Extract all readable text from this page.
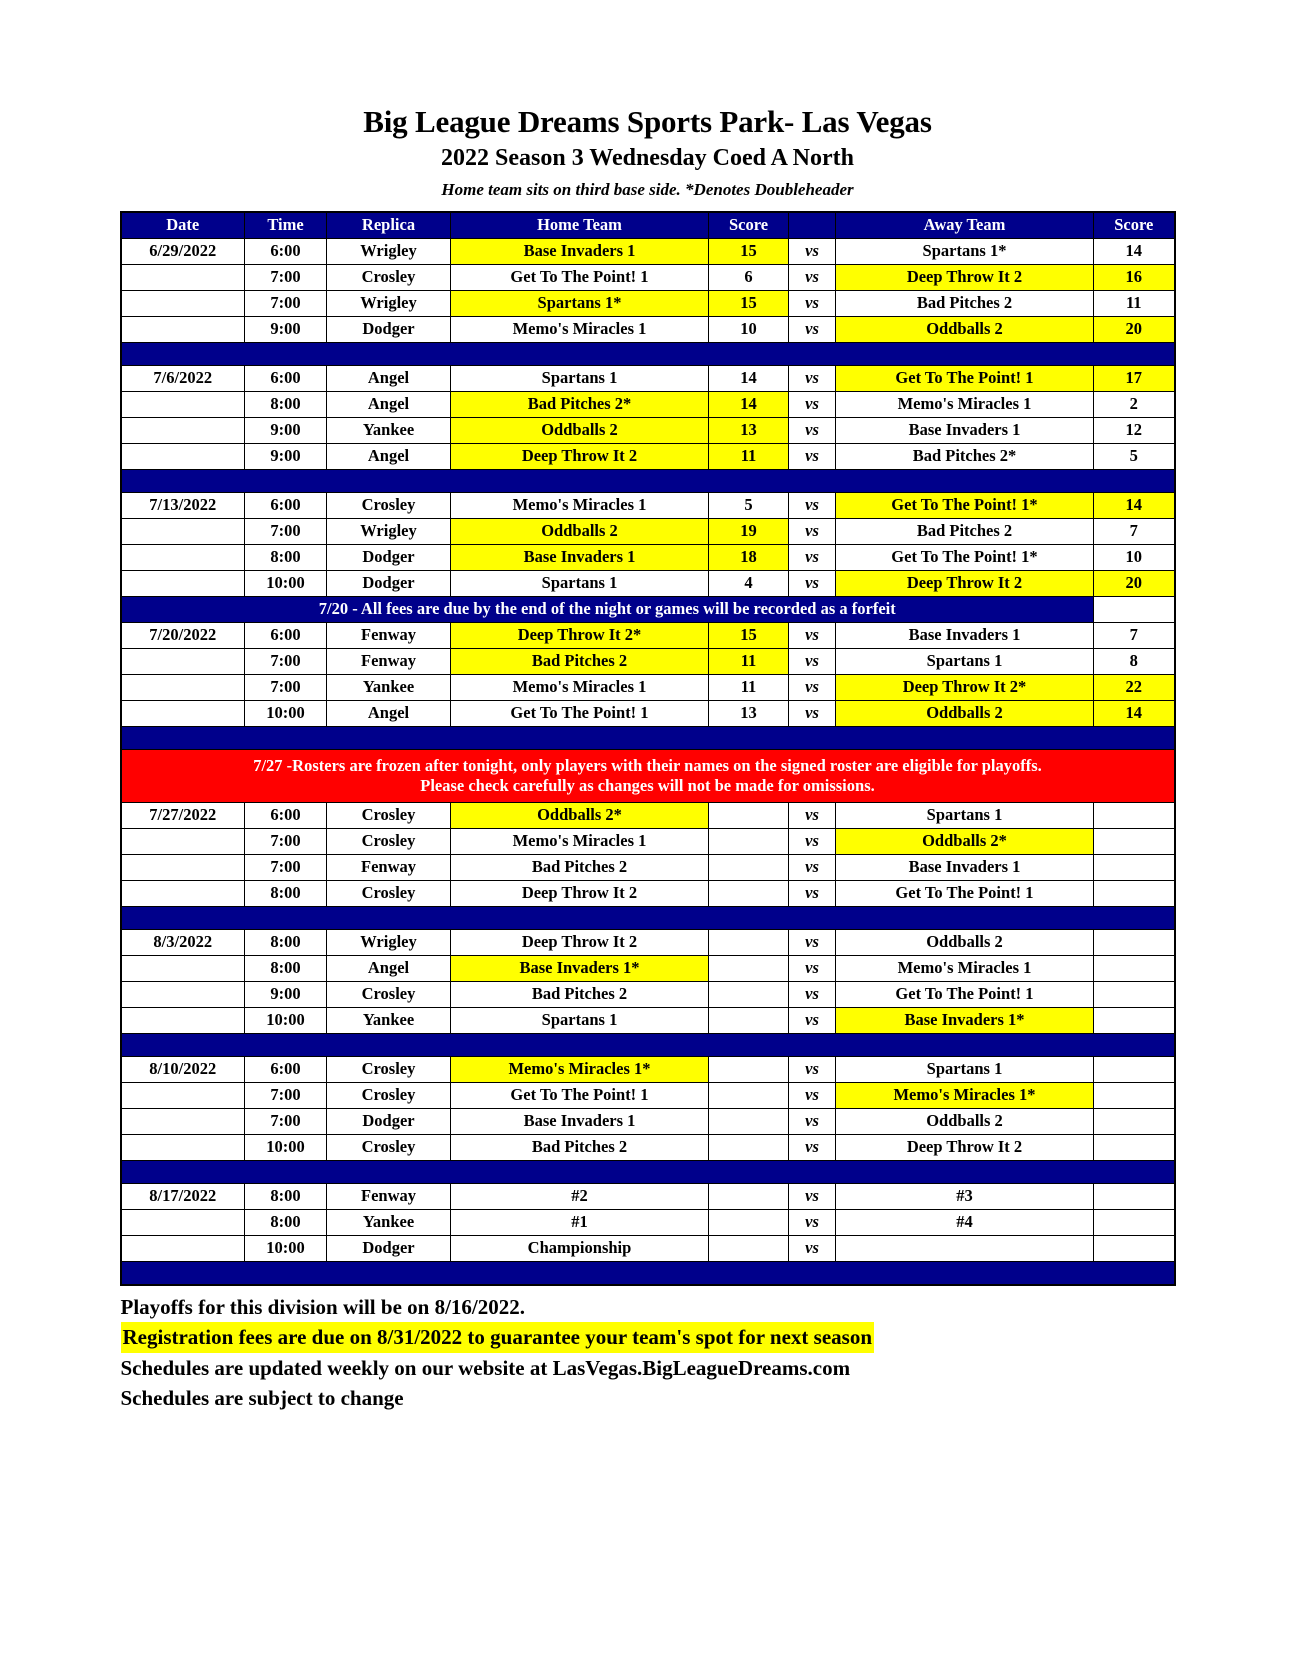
Big League Dreams Sports Park- Las Vegas
2022 Season 3 Wednesday Coed A North
Home team sits on third base side. *Denotes Doubleheader
Date	Time	Replica	Home Team	Score		Away Team	Score
6/29/2022	6:00	Wrigley	Base Invaders 1	15	vs	Spartans 1*	14
	7:00	Crosley	Get To The Point! 1	6	vs	Deep Throw It 2	16
	7:00	Wrigley	Spartans 1*	15	vs	Bad Pitches 2	11
	9:00	Dodger	Memo's Miracles 1	10	vs	Oddballs 2	20

7/6/2022	6:00	Angel	Spartans 1	14	vs	Get To The Point! 1	17
	8:00	Angel	Bad Pitches 2*	14	vs	Memo's Miracles 1	2
	9:00	Yankee	Oddballs 2	13	vs	Base Invaders 1	12
	9:00	Angel	Deep Throw It 2	11	vs	Bad Pitches 2*	5

7/13/2022	6:00	Crosley	Memo's Miracles 1	5	vs	Get To The Point! 1*	14
	7:00	Wrigley	Oddballs 2	19	vs	Bad Pitches 2	7
	8:00	Dodger	Base Invaders 1	18	vs	Get To The Point! 1*	10
	10:00	Dodger	Spartans 1	4	vs	Deep Throw It 2	20
7/20 - All fees are due by the end of the night or games will be recorded as a forfeit							
7/20/2022	6:00	Fenway	Deep Throw It 2*	15	vs	Base Invaders 1	7
	7:00	Fenway	Bad Pitches 2	11	vs	Spartans 1	8
	7:00	Yankee	Memo's Miracles 1	11	vs	Deep Throw It 2*	22
	10:00	Angel	Get To The Point! 1	13	vs	Oddballs 2	14

7/27 -Rosters are frozen after tonight, only players with their names on the signed roster are eligible for playoffs.
Please check carefully as changes will not be made for omissions.							

7/27/2022	6:00	Crosley	Oddballs 2*		vs	Spartans 1	
	7:00	Crosley	Memo's Miracles 1		vs	Oddballs 2*	
	7:00	Fenway	Bad Pitches 2		vs	Base Invaders 1	
	8:00	Crosley	Deep Throw It 2		vs	Get To The Point! 1	

8/3/2022	8:00	Wrigley	Deep Throw It 2		vs	Oddballs 2	
	8:00	Angel	Base Invaders 1*		vs	Memo's Miracles 1	
	9:00	Crosley	Bad Pitches 2		vs	Get To The Point! 1	
	10:00	Yankee	Spartans 1		vs	Base Invaders 1*	

8/10/2022	6:00	Crosley	Memo's Miracles 1*		vs	Spartans 1	
	7:00	Crosley	Get To The Point! 1		vs	Memo's Miracles 1*	
	7:00	Dodger	Base Invaders 1		vs	Oddballs 2	
	10:00	Crosley	Bad Pitches 2		vs	Deep Throw It 2	

8/17/2022	8:00	Fenway	#2		vs	#3	
	8:00	Yankee	#1		vs	#4	
	10:00	Dodger	Championship		vs		

Playoffs for this division will be on 8/16/2022.
Registration fees are due on 8/31/2022 to guarantee your team's spot for next season
Schedules are updated weekly on our website at LasVegas.BigLeagueDreams.com
Schedules are subject to change
